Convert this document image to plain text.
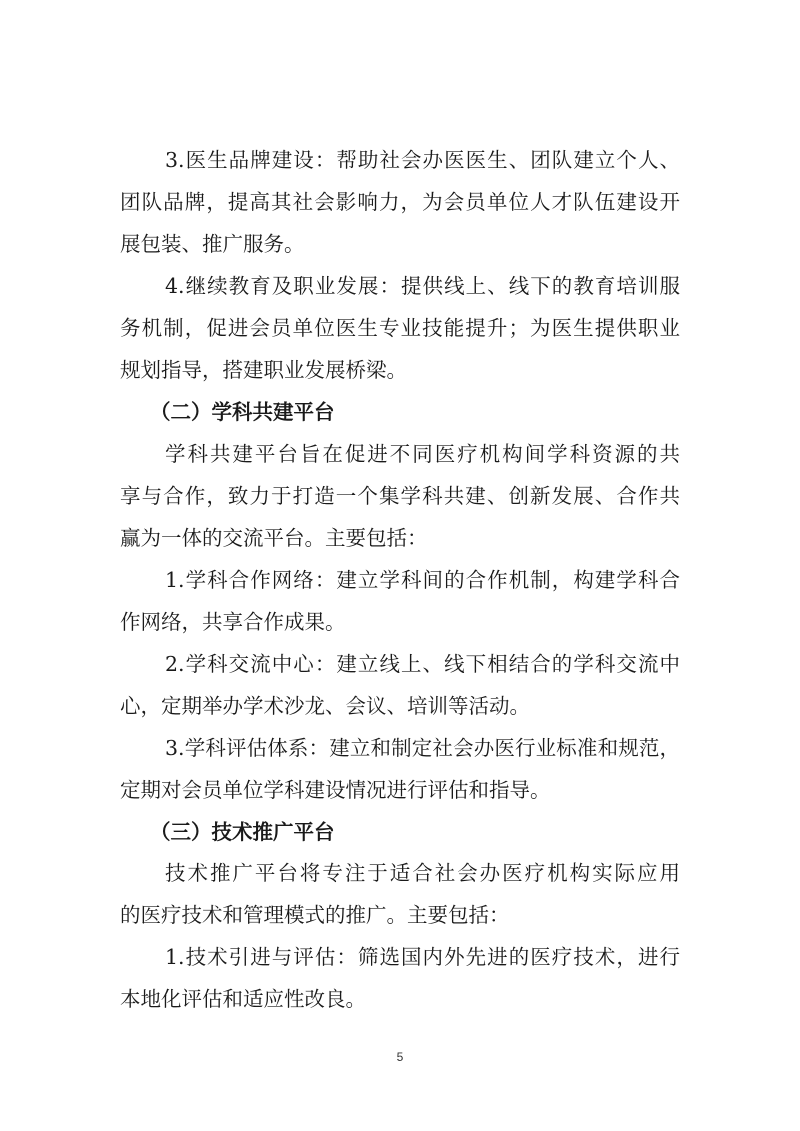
3.医生品牌建设：帮助社会办医医生、团队建立个人、
团队品牌，提高其社会影响力，为会员单位人才队伍建设开
展包装、推广服务。
4.继续教育及职业发展：提供线上、线下的教育培训服
务机制，促进会员单位医生专业技能提升；为医生提供职业
规划指导，搭建职业发展桥梁。
（二）学科共建平台
学科共建平台旨在促进不同医疗机构间学科资源的共
享与合作，致力于打造一个集学科共建、创新发展、合作共
赢为一体的交流平台。主要包括：
1.学科合作网络：建立学科间的合作机制，构建学科合
作网络，共享合作成果。
2.学科交流中心：建立线上、线下相结合的学科交流中
心，定期举办学术沙龙、会议、培训等活动。
3.学科评估体系：建立和制定社会办医行业标准和规范，
定期对会员单位学科建设情况进行评估和指导。
（三）技术推广平台
技术推广平台将专注于适合社会办医疗机构实际应用
的医疗技术和管理模式的推广。主要包括：
1.技术引进与评估：筛选国内外先进的医疗技术，进行
本地化评估和适应性改良。
5
